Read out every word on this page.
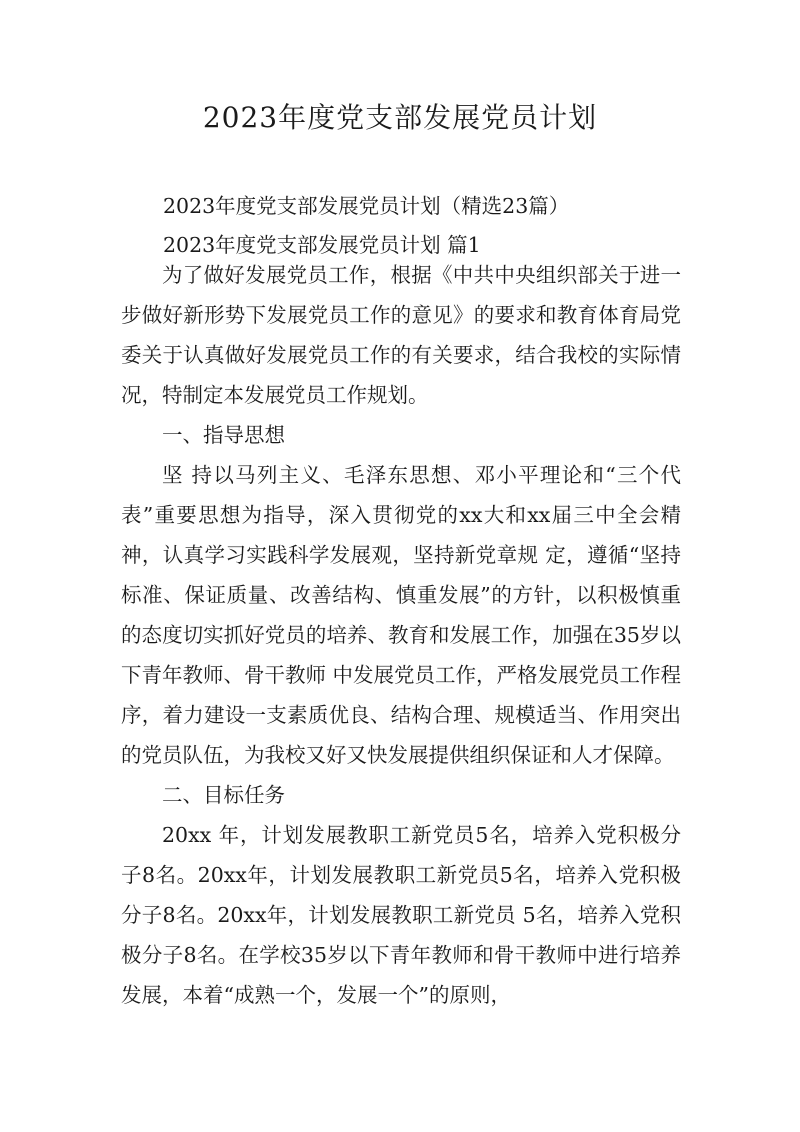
2023年度党支部发展党员计划
2023年度党支部发展党员计划（精选23篇）
2023年度党支部发展党员计划 篇1

为了做好发展党员工作，根据《中共中央组织部关于进一步做好新形势下发展党员工作的意见》的要求和教育体育局党委关于认真做好发展党员工作的有关要求，结合我校的实际情况，特制定本发展党员工作规划。

一、指导思想

坚 持以马列主义、毛泽东思想、邓小平理论和“三个代表”重要思想为指导，深入贯彻党的xx大和xx届三中全会精神，认真学习实践科学发展观，坚持新党章规 定，遵循“坚持标准、保证质量、改善结构、慎重发展”的方针，以积极慎重的态度切实抓好党员的培养、教育和发展工作，加强在35岁以下青年教师、骨干教师 中发展党员工作，严格发展党员工作程序，着力建设一支素质优良、结构合理、规模适当、作用突出的党员队伍，为我校又好又快发展提供组织保证和人才保障。

二、目标任务

20xx 年，计划发展教职工新党员5名，培养入党积极分子8名。20xx年，计划发展教职工新党员5名，培养入党积极分子8名。20xx年，计划发展教职工新党员 5名，培养入党积极分子8名。在学校35岁以下青年教师和骨干教师中进行培养发展，本着“成熟一个，发展一个”的原则，
